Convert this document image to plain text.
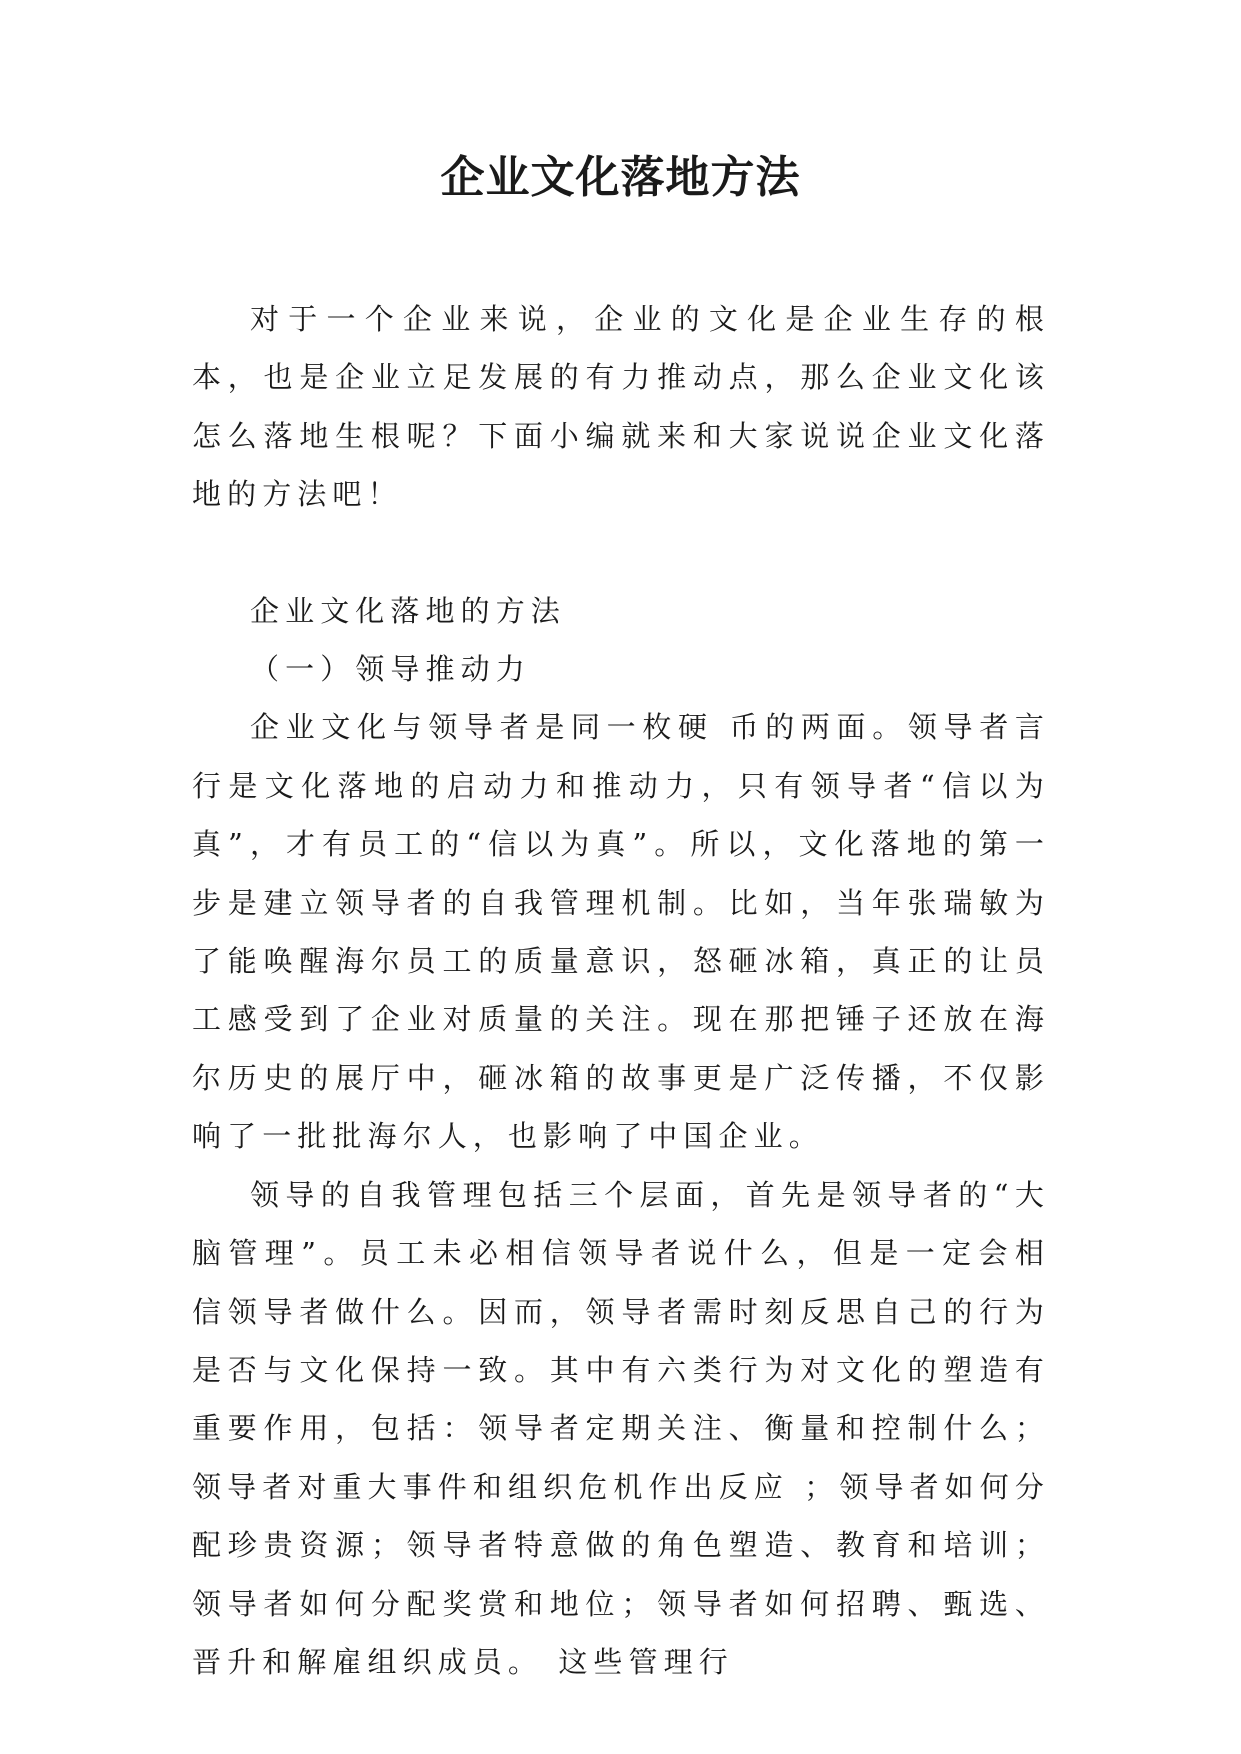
企业文化落地方法

对于一个企业来说，企业的文化是企业生存的根本，也是企业立足发展的有力推动点，那么企业文化该怎么落地生根呢？下面小编就来和大家说说企业文化落地的方法吧！

企业文化落地的方法

（一）领导推动力

企业文化与领导者是同一枚硬 币的两面。领导者言行是文化落地的启动力和推动力，只有领导者“信以为真”，才有员工的“信以为真”。所以，文化落地的第一步是建立领导者的自我管理机制。比如，当年张瑞敏为了能唤醒海尔员工的质量意识，怒砸冰箱，真正的让员工感受到了企业对质量的关注。现在那把锤子还放在海尔历史的展厅中，砸冰箱的故事更是广泛传播，不仅影响了一批批海尔人，也影响了中国企业。

领导的自我管理包括三个层面，首先是领导者的“大脑管理”。员工未必相信领导者说什么，但是一定会相信领导者做什么。因而，领导者需时刻反思自己的行为是否与文化保持一致。其中有六类行为对文化的塑造有重要作用，包括：领导者定期关注、衡量和控制什么；领导者对重大事件和组织危机作出反应 ；领导者如何分配珍贵资源；领导者特意做的角色塑造、教育和培训；领导者如何分配奖赏和地位；领导者如何招聘、甄选、晋升和解雇组织成员。 这些管理行
